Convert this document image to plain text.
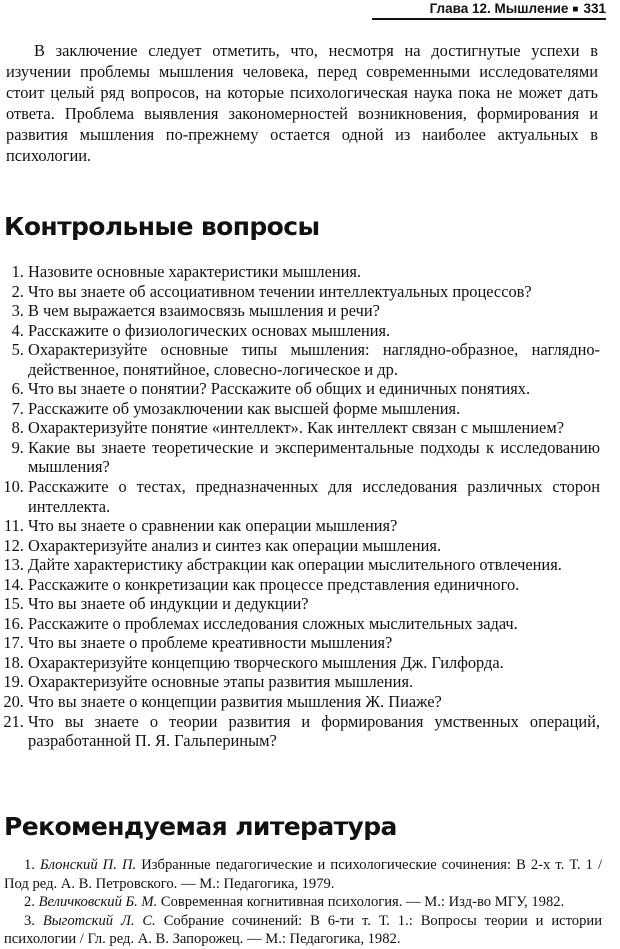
Глава 12. Мышление ■ 331

В заключение следует отметить, что, несмотря на достигнутые успехи в изучении проблемы мышления человека, перед современными исследователями стоит целый ряд вопросов, на которые психологическая наука пока не может дать ответа. Проблема выявления закономерностей возникновения, формирования и развития мышления по-прежнему остается одной из наиболее актуальных в психологии.

Контрольные вопросы
1. Назовите основные характеристики мышления.
2. Что вы знаете об ассоциативном течении интеллектуальных процессов?
3. В чем выражается взаимосвязь мышления и речи?
4. Расскажите о физиологических основах мышления.
5. Охарактеризуйте основные типы мышления: наглядно-образное, наглядно-действенное, понятийное, словесно-логическое и др.
6. Что вы знаете о понятии? Расскажите об общих и единичных понятиях.
7. Расскажите об умозаключении как высшей форме мышления.
8. Охарактеризуйте понятие «интеллект». Как интеллект связан с мышлением?
9. Какие вы знаете теоретические и экспериментальные подходы к исследованию мышления?
10. Расскажите о тестах, предназначенных для исследования различных сторон интеллекта.
11. Что вы знаете о сравнении как операции мышления?
12. Охарактеризуйте анализ и синтез как операции мышления.
13. Дайте характеристику абстракции как операции мыслительного отвлечения.
14. Расскажите о конкретизации как процессе представления единичного.
15. Что вы знаете об индукции и дедукции?
16. Расскажите о проблемах исследования сложных мыслительных задач.
17. Что вы знаете о проблеме креативности мышления?
18. Охарактеризуйте концепцию творческого мышления Дж. Гилфорда.
19. Охарактеризуйте основные этапы развития мышления.
20. Что вы знаете о концепции развития мышления Ж. Пиаже?
21. Что вы знаете о теории развития и формирования умственных операций, разработанной П. Я. Гальпериным?
Рекомендуемая литература

1. Блонский П. П. Избранные педагогические и психологические сочинения: В 2-х т. Т. 1 / Под ред. А. В. Петровского. — М.: Педагогика, 1979.

2. Величковский Б. М. Современная когнитивная психология. — М.: Изд-во МГУ, 1982.

3. Выготский Л. С. Собрание сочинений: В 6-ти т. Т. 1.: Вопросы теории и истории психологии / Гл. ред. А. В. Запорожец. — М.: Педагогика, 1982.
